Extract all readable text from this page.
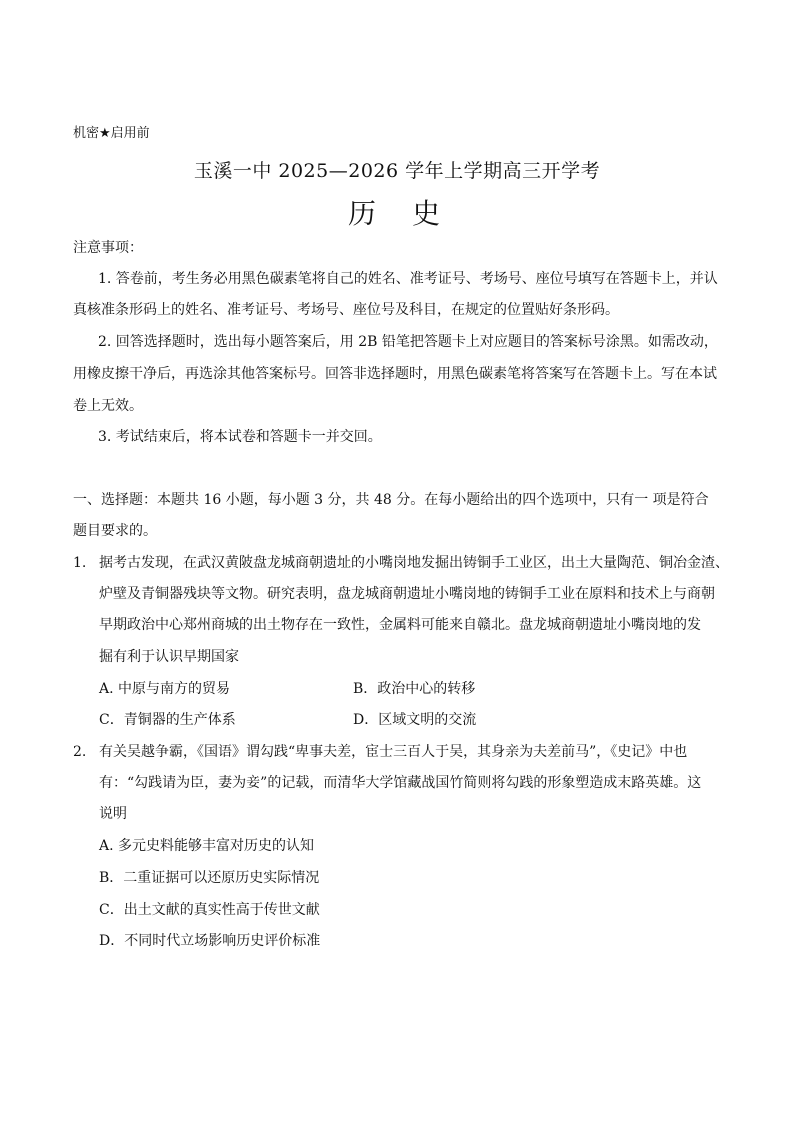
机密★启用前
玉溪一中 2025—2026 学年上学期高三开学考
历史
注意事项：
1. 答卷前，考生务必用黑色碳素笔将自己的姓名、准考证号、考场号、座位号填写在答题卡上，并认
真核准条形码上的姓名、准考证号、考场号、座位号及科目，在规定的位置贴好条形码。
2. 回答选择题时，选出每小题答案后，用 2B 铅笔把答题卡上对应题目的答案标号涂黑。如需改动，
用橡皮擦干净后，再选涂其他答案标号。回答非选择题时，用黑色碳素笔将答案写在答题卡上。写在本试
卷上无效。
3. 考试结束后，将本试卷和答题卡一并交回。
一、选择题：本题共 16 小题，每小题 3 分，共 48 分。在每小题给出的四个选项中，只有一 项是符合
题目要求的。
1. 据考古发现，在武汉黄陂盘龙城商朝遗址的小嘴岗地发掘出铸铜手工业区，出土大量陶范、铜冶金渣、
炉壁及青铜器残块等文物。研究表明，盘龙城商朝遗址小嘴岗地的铸铜手工业在原料和技术上与商朝
早期政治中心郑州商城的出土物存在一致性，金属料可能来自赣北。盘龙城商朝遗址小嘴岗地的发
掘有利于认识早期国家
A. 中原与南方的贸易	B．政治中心的转移
C．青铜器的生产体系	D．区域文明的交流
2. 有关吴越争霸，《国语》谓勾践“卑事夫差，宦士三百人于吴，其身亲为夫差前马”，《史记》中也
有：“勾践请为臣，妻为妾”的记载，而清华大学馆藏战国竹简则将勾践的形象塑造成末路英雄。这
说明
A. 多元史料能够丰富对历史的认知
B．二重证据可以还原历史实际情况
C．出土文献的真实性高于传世文献
D．不同时代立场影响历史评价标准
